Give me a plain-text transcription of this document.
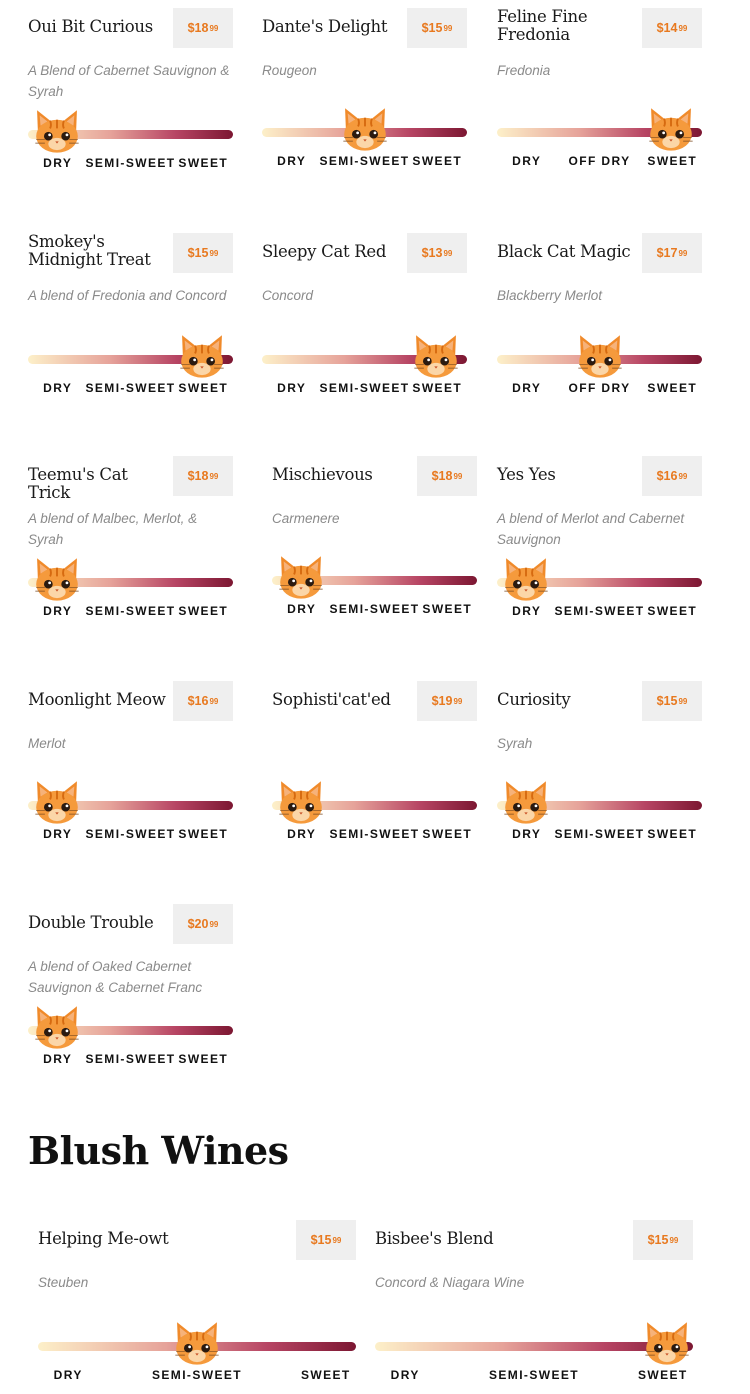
Oui Bit Curious	$18 99
A Blend of Cabernet Sauvignon & Syrah
DRY SEMI-SWEET SWEET
Dante's Delight	$15 99
Rougeon
DRY SEMI-SWEET SWEET
Feline Fine Fredonia	$14 99
Fredonia
DRY OFF DRY SWEET
Smokey's Midnight Treat	$15 99
A blend of Fredonia and Concord
DRY SEMI-SWEET SWEET
Sleepy Cat Red	$13 99
Concord
DRY SEMI-SWEET SWEET
Black Cat Magic	$17 99
Blackberry Merlot
DRY OFF DRY SWEET
Teemu's Cat Trick
$18 99
A blend of Malbec, Merlot, & Syrah
DRY SEMI-SWEET SWEET
Mischievous	$18 99
Carmenere
DRY SEMI-SWEET SWEET
Yes Yes	$16 99
A blend of Merlot and Cabernet Sauvignon
DRY SEMI-SWEET SWEET
Moonlight Meow $16 99
Merlot
DRY SEMI-SWEET SWEET
Sophisti'cat'ed	$19 99
DRY SEMI-SWEET SWEET
Curiosity	$15 99
Syrah
DRY SEMI-SWEET SWEET
Double Trouble	$20 99
A blend of Oaked Cabernet Sauvignon & Cabernet Franc
DRY SEMI-SWEET SWEET
Blush Wines
Helping Me-owt	$15 99
Steuben
DRY	SEMI-SWEET	SWEET
Bisbee's Blend	$15 99
Concord & Niagara Wine
DRY	SEMI-SWEET	SWEET
